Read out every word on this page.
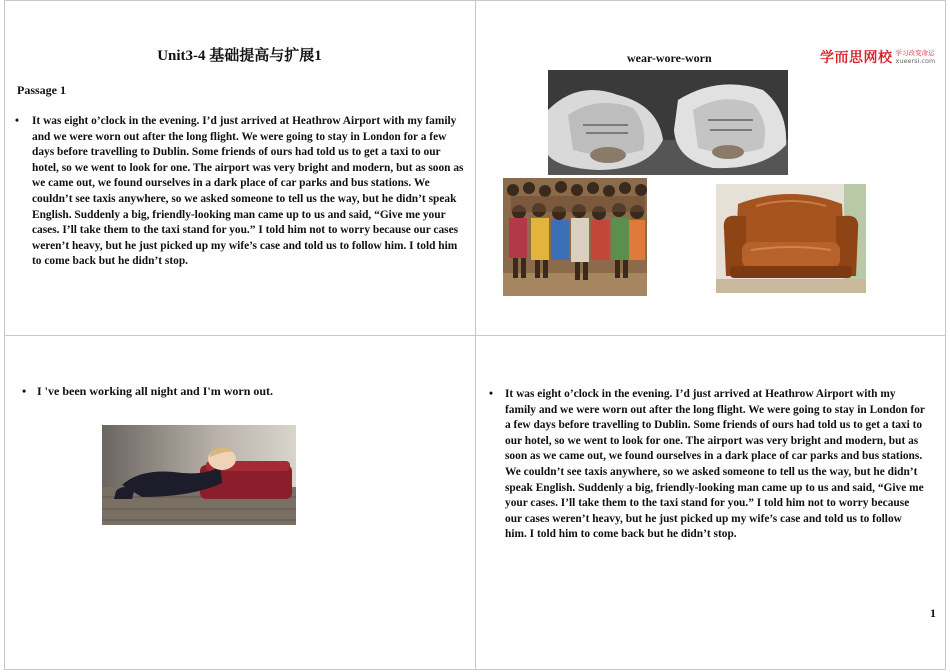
Unit3-4 基础提高与扩展1
Passage 1
•	It was eight o’clock in the evening. I’d just arrived at Heathrow Airport with my family and we were worn out after the long flight. We were going to stay in London for a few days before travelling to Dublin. Some friends of ours had told us to get a taxi to our hotel, so we went to look for one. The airport was very bright and modern, but as soon as we came out, we found ourselves in a dark place of car parks and bus stations. We couldn’t see taxis anywhere, so we asked someone to tell us the way, but he didn’t speak English. Suddenly a big, friendly-looking man came up to us and said, “Give me your cases. I’ll take them to the taxi stand for you.” I told him not to worry because our cases weren’t heavy, but he just picked up my wife’s case and told us to follow him. I told him to come back but he didn’t stop.
wear-wore-worn	学而思网校 学习改变命运
xueersi.com
• I 've been working all night and I'm worn out.	•	It was eight o’clock in the evening. I’d just arrived at Heathrow Airport with my family and we were worn out after the long flight. We were going to stay in London for a few days before travelling to Dublin. Some friends of ours had told us to get a taxi to our hotel, so we went to look for one. The airport was very bright and modern, but as soon as we came out, we found ourselves in a dark place of car parks and bus stations. We couldn’t see taxis anywhere, so we asked someone to tell us the way, but he didn’t speak English. Suddenly a big, friendly-looking man came up to us and said, “Give me your cases. I’ll take them to the taxi stand for you.” I told him not to worry because our cases weren’t heavy, but he just picked up my wife’s case and told us to follow him. I told him to come back but he didn’t stop.
1
